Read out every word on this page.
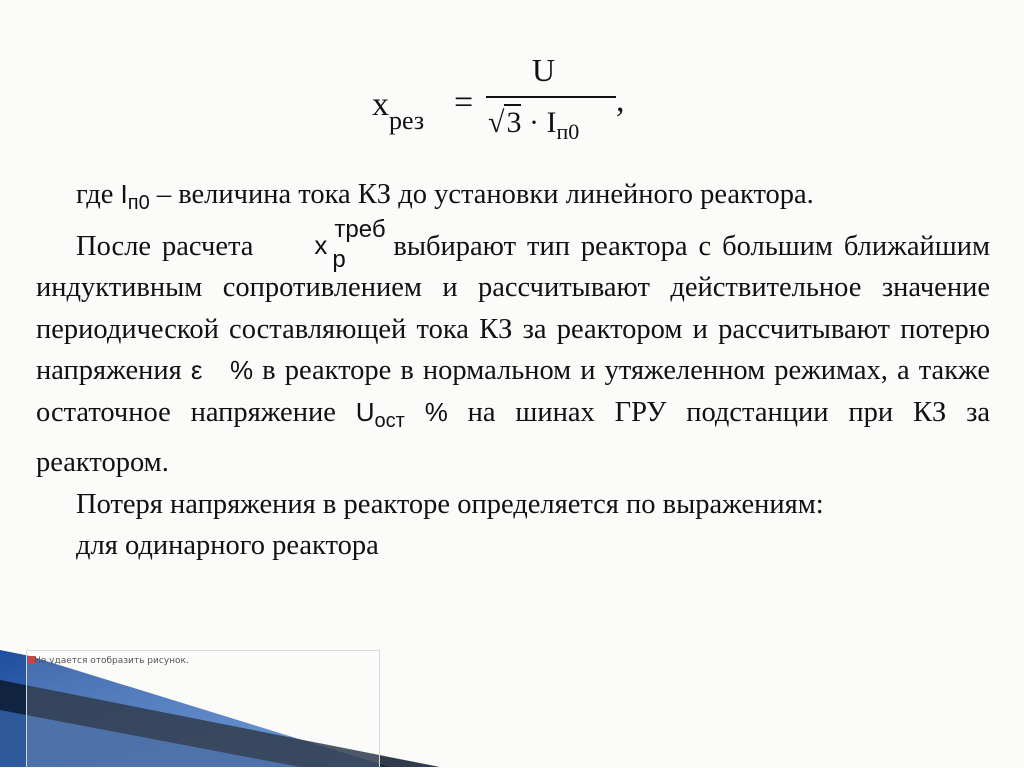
$x_{рез}$ =
U
$√3 \cdot I_{п0}$
,

где $I_{п0}$ – величина тока КЗ до установки линейного реактора.

После расчета	x
треб
р выбирают тип реактора с большим ближайшим индуктивным сопротивлением и рассчитывают действительное значение периодической составляющей тока КЗ за реактором и рассчитывают потерю напряжения ε % в реакторе в нормальном и утяжеленном режимах, а также остаточное напряжение $U_{ост}$ % на шинах ГРУ подстанции при КЗ за реактором.

Потеря напряжения в реакторе определяется по выражениям:

для одинарного реактора

Не удается отобразить рисунок.
